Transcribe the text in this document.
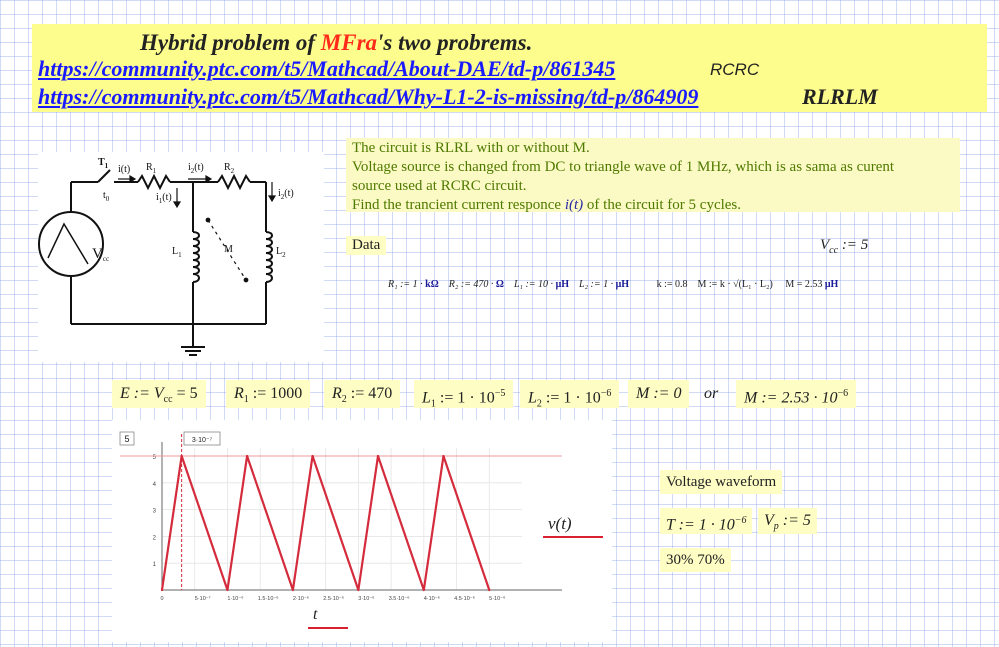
Hybrid problem of MFra's two probrems.
https://community.ptc.com/t5/Mathcad/About-DAE/td-p/861345	RCRC
https://community.ptc.com/t5/Mathcad/Why-L1-2-is-missing/td-p/864909	RLRLM
$T_1$
$t_0$
i(t) $R_1$	$i_2(t)$ $R_2$
$i_1(t)$	$i_2(t)$
$L_1$	$L_2$
M
$V_{cc}$
The circuit is RLRL with or without M.
Voltage source is changed from DC to triangle wave of 1 MHz, which is as sama as curent
source used at RCRC circuit.
Find the trancient current responce i(t) of the circuit for 5 cycles.
Data	$V_{cc}$ := 5
R₁ := 1 · kΩ R₂ := 470 · Ω L₁ := 10 · μH L₂ := 1 · μH	k := 0.8 M := k · √(L₁ · L₂) M = 2.53 μH
E := $V_{cc} = 5$	$R_1$ := 1000	$R_2$ := 470	$L_1$ := $1 \cdot 10^{-5}$	$L_2$ := $1 \cdot 10^{-6}$	M := 0	or	M := $2.53 \cdot 10^{-6}$
5	3·10⁻⁷
1
2
3
4
5
0	5·10⁻⁷	1·10⁻⁶	1.5·10⁻⁶	2·10⁻⁶	2.5·10⁻⁶	3·10⁻⁶	3.5·10⁻⁶	4·10⁻⁶	4.5·10⁻⁶	5·10⁻⁶
v(t)
t
Voltage waveform
T := $1 \cdot 10^{-6}$	$V_p$ := 5
30% 70%
